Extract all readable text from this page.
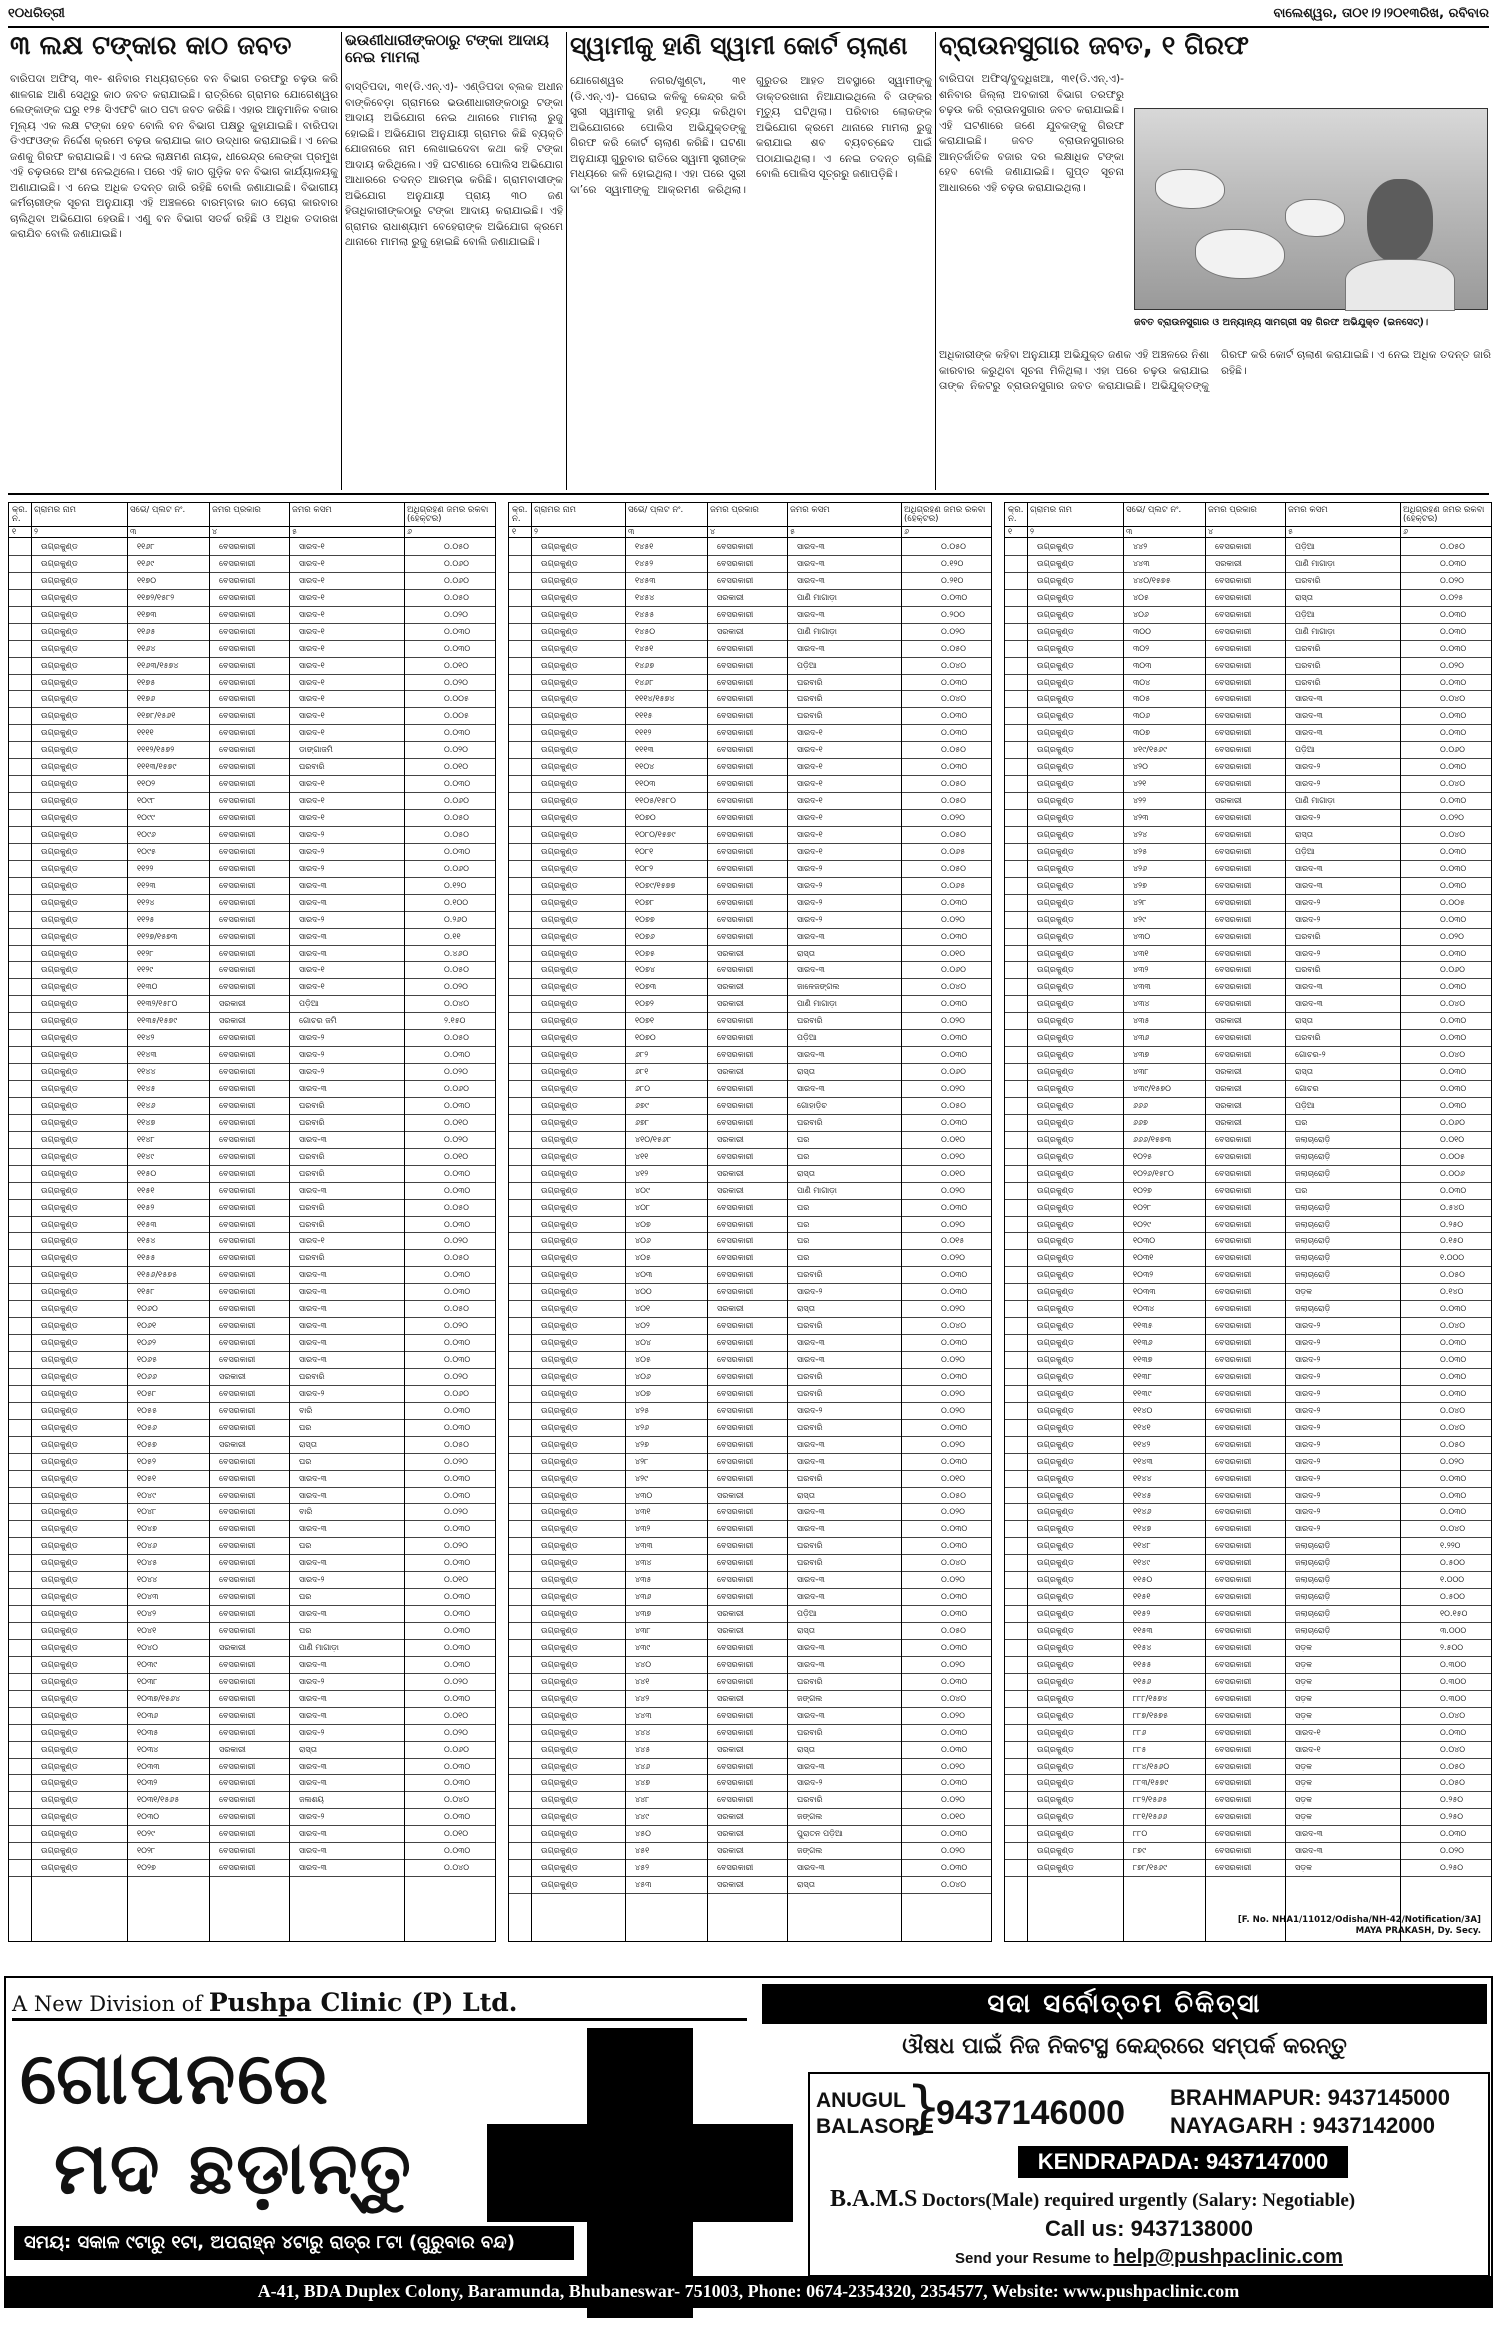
୧୦ଧରିତ୍ରୀ	ବାଲେଶ୍ୱର, ତା୦୧।୨।୨୦୧୩ରିଖ, ରବିବାର
୩ ଲକ୍ଷ ଟଙ୍କାର କାଠ ଜବତ
ବାରିପଦା ଅଫିସ୍, ୩୧- ଶନିବାର ମଧ୍ୟରାତ୍ରେ ବନ ବିଭାଗ ତରଫରୁ ଚଢ଼ଉ କରି ଶାଳଗଛ ଆଣି ସେଥିରୁ କାଠ ଜବତ କରାଯାଇଛି। ରାତ୍ରିରେ ଗ୍ରାମର ଯୋଗେଶ୍ୱର ଲେଙ୍କାଙ୍କ ଘରୁ ୧୨୫ ସିଏଫଟି କାଠ ପଟା ଜବତ କରିଛି। ଏହାର ଆନୁମାନିକ ବଜାର ମୂଲ୍ୟ ଏକ ଲକ୍ଷ ଟଙ୍କା ହେବ ବୋଲି ବନ ବିଭାଗ ପକ୍ଷରୁ କୁହାଯାଇଛି। ବାରିପଦା ଡିଏଫଓଙ୍କ ନିର୍ଦ୍ଦେଶ କ୍ରମେ ଚଢ଼ଉ କରାଯାଇ କାଠ ଉଦ୍ଧାର କରାଯାଇଛି। ଏ ନେଇ ଜଣକୁ ଗିରଫ କରାଯାଇଛି। ଏ ନେଇ ଲାକ୍ଷମଣ ନାୟକ, ଧୀରେନ୍ଦ୍ର ଲେଙ୍କା ପ୍ରମୁଖ ଏହି ଚଢ଼ଉରେ ଅଂଶ ନେଇଥିଲେ। ପରେ ଏହି କାଠ ଗୁଡ଼ିକ ବନ ବିଭାଗ କାର୍ଯ୍ୟାଳୟକୁ ଅଣାଯାଇଛି। ଏ ନେଇ ଅଧିକ ତଦନ୍ତ ଜାରି ରହିଛି ବୋଲି ଜଣାଯାଇଛି। ବିଭାଗୀୟ କର୍ମଚାରୀଙ୍କ ସୂଚନା ଅନୁଯାୟୀ ଏହି ଅଞ୍ଚଳରେ ବାରମ୍ବାର କାଠ ଚୋରା କାରବାର ଚାଲିଥିବା ଅଭିଯୋଗ ହେଉଛି। ଏଣୁ ବନ ବିଭାଗ ସତର୍କ ରହିଛି ଓ ଅଧିକ ତଦାରଖ କରାଯିବ ବୋଲି ଜଣାଯାଇଛି।
ଭଉଣୀଧାରୀଙ୍କଠାରୁ ଟଙ୍କା ଆଦାୟ ନେଇ ମାମଲା
ବାସ୍ତିପଦା, ୩୧(ଡି.ଏନ୍.ଏ)- ଏଣ୍ଡିପଦା ବ୍ଲକ ଅଧୀନ ବାଙ୍କିବେଡ଼ା ଗ୍ରାମରେ ଭଉଣୀଧାରୀଙ୍କଠାରୁ ଟଙ୍କା ଆଦାୟ ଅଭିଯୋଗ ନେଇ ଥାନାରେ ମାମଲା ରୁଜୁ ହୋଇଛି। ଅଭିଯୋଗ ଅନୁଯାୟୀ ଗ୍ରାମର କିଛି ବ୍ୟକ୍ତି ଯୋଜନାରେ ନାମ ଲେଖାଇଦେବା କଥା କହି ଟଙ୍କା ଆଦାୟ କରିଥିଲେ। ଏହି ଘଟଣାରେ ପୋଲିସ ଅଭିଯୋଗ ଆଧାରରେ ତଦନ୍ତ ଆରମ୍ଭ କରିଛି। ଗ୍ରାମବାସୀଙ୍କ ଅଭିଯୋଗ ଅନୁଯାୟୀ ପ୍ରାୟ ୩୦ ଜଣ ହିତାଧିକାରୀଙ୍କଠାରୁ ଟଙ୍କା ଆଦାୟ କରାଯାଇଛି। ଏହି ଗ୍ରାମର ରାଧାଶ୍ୟାମ ବେହେରାଙ୍କ ଅଭିଯୋଗ କ୍ରମେ ଥାନାରେ ମାମଲା ରୁଜୁ ହୋଇଛି ବୋଲି ଜଣାଯାଇଛି।
ସ୍ୱାମୀକୁ ହାଣି ସ୍ୱାମୀ କୋର୍ଟ ଚାଲାଣ
ଯୋଗେଶ୍ୱର ନଗର/ଖୁଣ୍ଟା, ୩୧ (ଡି.ଏନ୍.ଏ)- ଘରୋଇ କଳିକୁ କେନ୍ଦ୍ର କରି ସ୍ତ୍ରୀ ସ୍ୱାମୀକୁ ହାଣି ହତ୍ୟା କରିଥିବା ଅଭିଯୋଗରେ ପୋଲିସ ଅଭିଯୁକ୍ତଙ୍କୁ ଗିରଫ କରି କୋର୍ଟ ଚାଲାଣ କରିଛି। ଘଟଣା ଅନୁଯାୟୀ ଗୁରୁବାର ରାତିରେ ସ୍ୱାମୀ ସ୍ତ୍ରୀଙ୍କ ମଧ୍ୟରେ କଳି ହୋଇଥିଲା। ଏହା ପରେ ସ୍ତ୍ରୀ ଦା’ରେ ସ୍ୱାମୀଙ୍କୁ ଆକ୍ରମଣ କରିଥିଲା। ଗୁରୁତର ଆହତ ଅବସ୍ଥାରେ ସ୍ୱାମୀଙ୍କୁ ଡାକ୍ତରଖାନା ନିଆଯାଇଥିଲେ ବି ତାଙ୍କର ମୃତ୍ୟୁ ଘଟିଥିଲା। ପରିବାର ଲୋକଙ୍କ ଅଭିଯୋଗ କ୍ରମେ ଥାନାରେ ମାମଲା ରୁଜୁ କରାଯାଇ ଶବ ବ୍ୟବଚ୍ଛେଦ ପାଇଁ ପଠାଯାଇଥିଲା। ଏ ନେଇ ତଦନ୍ତ ଚାଲିଛି ବୋଲି ପୋଲିସ ସୂତ୍ରରୁ ଜଣାପଡ଼ିଛି।
ବ୍ରାଉନସୁଗାର ଜବତ, ୧ ଗିରଫ
ବାରିପଦା ଅଫିସ୍/ବୁଦ୍ଧିଖଆ, ୩୧(ଡି.ଏନ୍.ଏ)- ଶନିବାର ଜିଲ୍ଲା ଅବକାରୀ ବିଭାଗ ତରଫରୁ ଚଢ଼ଉ କରି ବ୍ରାଉନସୁଗାର ଜବତ କରାଯାଇଛି। ଏହି ଘଟଣାରେ ଜଣେ ଯୁବକଙ୍କୁ ଗିରଫ କରାଯାଇଛି। ଜବତ ବ୍ରାଉନସୁଗାରର ଆନ୍ତର୍ଜାତିକ ବଜାର ଦର ଲକ୍ଷାଧିକ ଟଙ୍କା ହେବ ବୋଲି ଜଣାଯାଇଛି। ଗୁପ୍ତ ସୂଚନା ଆଧାରରେ ଏହି ଚଢ଼ଉ କରାଯାଇଥିଲା।
ଜବତ ବ୍ରାଉନସୁଗାର ଓ ଅନ୍ୟାନ୍ୟ ସାମଗ୍ରୀ ସହ ଗିରଫ ଅଭିଯୁକ୍ତ (ଇନସେଟ୍)।
ଅଧିକାରୀଙ୍କ କହିବା ଅନୁଯାୟୀ ଅଭିଯୁକ୍ତ ଜଣକ ଏହି ଅଞ୍ଚଳରେ ନିଶା କାରବାର କରୁଥିବା ସୂଚନା ମିଳିଥିଲା। ଏହା ପରେ ଚଢ଼ଉ କରାଯାଇ ତାଙ୍କ ନିକଟରୁ ବ୍ରାଉନସୁଗାର ଜବତ କରାଯାଇଛି। ଅଭିଯୁକ୍ତଙ୍କୁ ଗିରଫ କରି କୋର୍ଟ ଚାଲାଣ କରାଯାଇଛି। ଏ ନେଇ ଅଧିକ ତଦନ୍ତ ଜାରି ରହିଛି।
କ୍ର. ନ.
ଗ୍ରାମର ନାମ	ସର୍ଭେ/ ପ୍ଲଟ ନଂ.	ଜମିର ପ୍ରକାର	ଜମିର କିସମ	ଅଧିଗ୍ରହଣ ଜମିର ରକବା (ହେକ୍ଟର)
୧ ୨	୩	୪	୫	୬
ଉଗ୍ରକୁଣ୍ଡ	୧୧୬୮	ବେସରକାରୀ	ସାରଦ-୧	୦.୦୫୦
ଉଗ୍ରକୁଣ୍ଡ	୧୧୬୯	ବେସରକାରୀ	ସାରଦ-୧	୦.୦୬୦
ଉଗ୍ରକୁଣ୍ଡ	୧୧୭୦	ବେସରକାରୀ	ସାରଦ-୧	୦.୦୬୦
ଉଗ୍ରକୁଣ୍ଡ	୧୧୭୨/୧୫୮୨	ବେସରକାରୀ	ସାରଦ-୧	୦.୦୫୦
ଉଗ୍ରକୁଣ୍ଡ	୧୧୭୩	ବେସରକାରୀ	ସାରଦ-୧	୦.୦୨୦
ଉଗ୍ରକୁଣ୍ଡ	୧୧୬୫	ବେସରକାରୀ	ସାରଦ-୧	୦.୦୩୦
ଉଗ୍ରକୁଣ୍ଡ	୧୧୬୪	ବେସରକାରୀ	ସାରଦ-୧	୦.୦୩୦
ଉଗ୍ରକୁଣ୍ଡ	୧୧୬୩/୧୫୭୪	ବେସରକାରୀ	ସାରଦ-୧	୦.୦୧୦
ଉଗ୍ରକୁଣ୍ଡ	୧୧୭୫	ବେସରକାରୀ	ସାରଦ-୧	୦.୦୨୦
ଉଗ୍ରକୁଣ୍ଡ	୧୧୭୬	ବେସରକାରୀ	ସାରଦ-୧	୦.୦୦୫
ଉଗ୍ରକୁଣ୍ଡ	୧୧୭୮/୧୫୬୧	ବେସରକାରୀ	ସାରଦ-୧	୦.୦୦୫
ଉଗ୍ରକୁଣ୍ଡ	୧୧୧୧	ବେସରକାରୀ	ସାରଦ-୧	୦.୦୩୦
ଉଗ୍ରକୁଣ୍ଡ	୧୧୧୨/୧୫୭୨	ବେସରକାରୀ	ଡାଙ୍ଗାଜମି	୦.୦୨୦
ଉଗ୍ରକୁଣ୍ଡ	୧୧୧୩/୧୫୭୯	ବେସରକାରୀ	ଘରବାରି	୦.୦୧୦
ଉଗ୍ରକୁଣ୍ଡ	୧୧୦୨	ବେସରକାରୀ	ସାରଦ-୧	୦.୦୩୦
ଉଗ୍ରକୁଣ୍ଡ	୧୦୯୮	ବେସରକାରୀ	ସାରଦ-୧	୦.୦୬୦
ଉଗ୍ରକୁଣ୍ଡ	୧୦୯୯	ବେସରକାରୀ	ସାରଦ-୧	୦.୦୫୦
ଉଗ୍ରକୁଣ୍ଡ	୧୦୯୬	ବେସରକାରୀ	ସାରଦ-୨	୦.୦୫୦
ଉଗ୍ରକୁଣ୍ଡ	୧୦୯୫	ବେସରକାରୀ	ସାରଦ-୨	୦.୦୩୦
ଉଗ୍ରକୁଣ୍ଡ	୧୧୨୨	ବେସରକାରୀ	ସାରଦ-୨	୦.୦୬୦
ଉଗ୍ରକୁଣ୍ଡ	୧୧୨୩	ବେସରକାରୀ	ସାରଦ-୩	୦.୧୨୦
ଉଗ୍ରକୁଣ୍ଡ	୧୧୨୪	ବେସରକାରୀ	ସାରଦ-୩	୦.୧୦୦
ଉଗ୍ରକୁଣ୍ଡ	୧୧୨୫	ବେସରକାରୀ	ସାରଦ-୨	୦.୨୬୦
ଉଗ୍ରକୁଣ୍ଡ	୧୧୨୭/୧୫୭୩	ବେସରକାରୀ	ସାରଦ-୩	୦.୧୧
ଉଗ୍ରକୁଣ୍ଡ	୧୧୨୮	ବେସରକାରୀ	ସାରଦ-୩	୦.୪୬୦
ଉଗ୍ରକୁଣ୍ଡ	୧୧୨୯	ବେସରକାରୀ	ସାରଦ-୧	୦.୦୫୦
ଉଗ୍ରକୁଣ୍ଡ	୧୧୩୦	ବେସରକାରୀ	ସାରଦ-୧	୦.୦୨୦
ଉଗ୍ରକୁଣ୍ଡ	୧୧୩୨/୧୫୮୦	ସରକାରୀ	ପଡ଼ିଆ	୦.୦୪୦
ଉଗ୍ରକୁଣ୍ଡ	୧୧୩୫/୧୫୭୯	ସରକାରୀ	ଗୋଚର ଜମି	୨.୧୫୦
ଉଗ୍ରକୁଣ୍ଡ	୧୧୪୨	ବେସରକାରୀ	ସାରଦ-୨	୦.୦୫୦
ଉଗ୍ରକୁଣ୍ଡ	୧୧୪୩	ବେସରକାରୀ	ସାରଦ-୨	୦.୦୩୦
ଉଗ୍ରକୁଣ୍ଡ	୧୧୪୪	ବେସରକାରୀ	ସାରଦ-୨	୦.୦୨୦
ଉଗ୍ରକୁଣ୍ଡ	୧୧୪୫	ବେସରକାରୀ	ସାରଦ-୩	୦.୦୬୦
ଉଗ୍ରକୁଣ୍ଡ	୧୧୪୬	ବେସରକାରୀ	ଘରବାରି	୦.୦୩୦
ଉଗ୍ରକୁଣ୍ଡ	୧୧୪୭	ବେସରକାରୀ	ଘରବାରି	୦.୦୧୦
ଉଗ୍ରକୁଣ୍ଡ	୧୧୪୮	ବେସରକାରୀ	ସାରଦ-୩	୦.୦୨୦
ଉଗ୍ରକୁଣ୍ଡ	୧୧୪୯	ବେସରକାରୀ	ଘରବାରି	୦.୦୧୦
ଉଗ୍ରକୁଣ୍ଡ	୧୧୫୦	ବେସରକାରୀ	ଘରବାରି	୦.୦୩୦
ଉଗ୍ରକୁଣ୍ଡ	୧୧୫୧	ବେସରକାରୀ	ସାରଦ-୩	୦.୦୩୦
ଉଗ୍ରକୁଣ୍ଡ	୧୧୫୨	ବେସରକାରୀ	ଘରବାରି	୦.୦୫୦
ଉଗ୍ରକୁଣ୍ଡ	୧୧୫୩	ବେସରକାରୀ	ଘରବାରି	୦.୦୩୦
ଉଗ୍ରକୁଣ୍ଡ	୧୧୫୪	ବେସରକାରୀ	ସାରଦ-୧	୦.୦୨୦
ଉଗ୍ରକୁଣ୍ଡ	୧୧୫୫	ବେସରକାରୀ	ଘରବାରି	୦.୦୫୦
ଉଗ୍ରକୁଣ୍ଡ	୧୧୫୬/୧୫୭୫	ବେସରକାରୀ	ସାରଦ-୩	୦.୦୩୦
ଉଗ୍ରକୁଣ୍ଡ	୧୧୫୮	ବେସରକାରୀ	ସାରଦ-୩	୦.୦୩୦
ଉଗ୍ରକୁଣ୍ଡ	୧୦୬୦	ବେସରକାରୀ	ସାରଦ-୩	୦.୦୫୦
ଉଗ୍ରକୁଣ୍ଡ	୧୦୬୧	ବେସରକାରୀ	ସାରଦ-୩	୦.୦୨୦
ଉଗ୍ରକୁଣ୍ଡ	୧୦୬୨	ବେସରକାରୀ	ସାରଦ-୩	୦.୦୩୦
ଉଗ୍ରକୁଣ୍ଡ	୧୦୬୫	ବେସରକାରୀ	ସାରଦ-୩	୦.୦୩୦
ଉଗ୍ରକୁଣ୍ଡ	୧୦୬୬	ସରକାରୀ	ଘରବାରି	୦.୦୨୦
ଉଗ୍ରକୁଣ୍ଡ	୧୦୫୮	ବେସରକାରୀ	ସାରଦ-୨	୦.୦୬୦
ଉଗ୍ରକୁଣ୍ଡ	୧୦୫୫	ବେସରକାରୀ	ବାରି	୦.୦୩୦
ଉଗ୍ରକୁଣ୍ଡ	୧୦୫୬	ବେସରକାରୀ	ଘର	୦.୦୩୦
ଉଗ୍ରକୁଣ୍ଡ	୧୦୫୭	ସରକାରୀ	ରାସ୍ତା	୦.୦୫୦
ଉଗ୍ରକୁଣ୍ଡ	୧୦୫୨	ବେସରକାରୀ	ଘର	୦.୦୨୦
ଉଗ୍ରକୁଣ୍ଡ	୧୦୫୧	ବେସରକାରୀ	ସାରଦ-୩	୦.୦୩୦
ଉଗ୍ରକୁଣ୍ଡ	୧୦୪୯	ବେସରକାରୀ	ସାରଦ-୩	୦.୦୩୦
ଉଗ୍ରକୁଣ୍ଡ	୧୦୪୮	ବେସରକାରୀ	ବାରି	୦.୦୨୦
ଉଗ୍ରକୁଣ୍ଡ	୧୦୪୭	ବେସରକାରୀ	ସାରଦ-୩	୦.୦୩୦
ଉଗ୍ରକୁଣ୍ଡ	୧୦୪୬	ବେସରକାରୀ	ଘର	୦.୦୨୦
ଉଗ୍ରକୁଣ୍ଡ	୧୦୪୫	ବେସରକାରୀ	ସାରଦ-୩	୦.୦୩୦
ଉଗ୍ରକୁଣ୍ଡ	୧୦୪୪	ବେସରକାରୀ	ସାରଦ-୨	୦.୦୧୦
ଉଗ୍ରକୁଣ୍ଡ	୧୦୪୩	ବେସରକାରୀ	ଘର	୦.୦୩୦
ଉଗ୍ରକୁଣ୍ଡ	୧୦୪୨	ବେସରକାରୀ	ସାରଦ-୩	୦.୦୩୦
ଉଗ୍ରକୁଣ୍ଡ	୧୦୪୧	ବେସରକାରୀ	ଘର	୦.୦୩୦
ଉଗ୍ରକୁଣ୍ଡ	୧୦୪୦	ସରକାରୀ	ପାଣି ମାଗାଡ଼ା	୦.୦୩୦
ଉଗ୍ରକୁଣ୍ଡ	୧୦୩୯	ବେସରକାରୀ	ସାରଦ-୩	୦.୦୩୦
ଉଗ୍ରକୁଣ୍ଡ	୧୦୩୮	ବେସରକାରୀ	ସାରଦ-୨	୦.୦୨୦
ଉଗ୍ରକୁଣ୍ଡ	୧୦୩୭/୧୫୬୪	ବେସରକାରୀ	ସାରଦ-୩	୦.୦୩୦
ଉଗ୍ରକୁଣ୍ଡ	୧୦୩୬	ବେସରକାରୀ	ସାରଦ-୩	୦.୦୧୦
ଉଗ୍ରକୁଣ୍ଡ	୧୦୩୫	ବେସରକାରୀ	ସାରଦ-୨	୦.୦୨୦
ଉଗ୍ରକୁଣ୍ଡ	୧୦୩୪	ସରକାରୀ	ରାସ୍ତା	୦.୦୬୦
ଉଗ୍ରକୁଣ୍ଡ	୧୦୩୩	ବେସରକାରୀ	ସାରଦ-୩	୦.୦୩୦
ଉଗ୍ରକୁଣ୍ଡ	୧୦୩୨	ବେସରକାରୀ	ସାରଦ-୩	୦.୦୩୦
ଉଗ୍ରକୁଣ୍ଡ	୧୦୩୧/୧୫୬୫	ବେସରକାରୀ	ଜଳାଶୟ	୦.୦୪୦
ଉଗ୍ରକୁଣ୍ଡ	୧୦୩୦	ବେସରକାରୀ	ସାରଦ-୨	୦.୦୩୦
ଉଗ୍ରକୁଣ୍ଡ	୧୦୨୯	ବେସରକାରୀ	ସାରଦ-୩	୦.୦୧୦
ଉଗ୍ରକୁଣ୍ଡ	୧୦୨୮	ବେସରକାରୀ	ସାରଦ-୩	୦.୦୩୦
ଉଗ୍ରକୁଣ୍ଡ	୧୦୨୭	ବେସରକାରୀ	ସାରଦ-୩	୦.୦୪୦
କ୍ର. ନ.
ଗ୍ରାମର ନାମ	ସର୍ଭେ/ ପ୍ଲଟ ନଂ.	ଜମିର ପ୍ରକାର	ଜମିର କିସମ	ଅଧିଗ୍ରହଣ ଜମିର ରକବା (ହେକ୍ଟର)
୧ ୨	୩	୪	୫	୬
ଉଗ୍ରକୁଣ୍ଡ	୧୪୫୧	ବେସରକାରୀ	ସାରଦ-୩	୦.୦୫୦
ଉଗ୍ରକୁଣ୍ଡ	୧୪୫୨	ବେସରକାରୀ	ସାରଦ-୩	୦.୧୨୦
ଉଗ୍ରକୁଣ୍ଡ	୧୪୫୩	ବେସରକାରୀ	ସାରଦ-୩	୦.୨୧୦
ଉଗ୍ରକୁଣ୍ଡ	୧୪୫୪	ସରକାରୀ	ପାଣି ମାଗାଡ଼ା	୦.୦୩୦
ଉଗ୍ରକୁଣ୍ଡ	୧୪୫୫	ବେସରକାରୀ	ସାରଦ-୩	୦.୨୦୦
ଉଗ୍ରକୁଣ୍ଡ	୧୪୫୦	ସରକାରୀ	ପାଣି ମାଗାଡ଼ା	୦.୦୨୦
ଉଗ୍ରକୁଣ୍ଡ	୧୪୫୧	ବେସରକାରୀ	ସାରଦ-୩	୦.୦୫୦
ଉଗ୍ରକୁଣ୍ଡ	୧୪୬୭	ବେସରକାରୀ	ପଡ଼ିଆ	୦.୦୪୦
ଉଗ୍ରକୁଣ୍ଡ	୧୪୬୮	ବେସରକାରୀ	ଘରବାରି	୦.୦୩୦
ଉଗ୍ରକୁଣ୍ଡ	୧୧୧୪/୧୫୭୪	ବେସରକାରୀ	ଘରବାରି	୦.୦୪୦
ଉଗ୍ରକୁଣ୍ଡ	୧୧୧୫	ବେସରକାରୀ	ଘରବାରି	୦.୦୩୦
ଉଗ୍ରକୁଣ୍ଡ	୧୧୧୨	ବେସରକାରୀ	ସାରଦ-୧	୦.୦୩୦
ଉଗ୍ରକୁଣ୍ଡ	୧୧୧୩	ବେସରକାରୀ	ସାରଦ-୧	୦.୦୫୦
ଉଗ୍ରକୁଣ୍ଡ	୧୧୦୪	ବେସରକାରୀ	ସାରଦ-୧	୦.୦୩୦
ଉଗ୍ରକୁଣ୍ଡ	୧୧୦୩	ବେସରକାରୀ	ସାରଦ-୧	୦.୦୫୦
ଉଗ୍ରକୁଣ୍ଡ	୧୧୦୫/୧୫୮୦	ବେସରକାରୀ	ସାରଦ-୧	୦.୦୫୦
ଉଗ୍ରକୁଣ୍ଡ	୧୦୭୦	ବେସରକାରୀ	ସାରଦ-୧	୦.୦୨୦
ଉଗ୍ରକୁଣ୍ଡ	୧୦୮୦/୧୫୭୯	ବେସରକାରୀ	ସାରଦ-୧	୦.୦୫୦
ଉଗ୍ରକୁଣ୍ଡ	୧୦୮୧	ବେସରକାରୀ	ସାରଦ-୧	୦.୦୬୫
ଉଗ୍ରକୁଣ୍ଡ	୧୦୮୨	ବେସରକାରୀ	ସାରଦ-୨	୦.୦୫୦
ଉଗ୍ରକୁଣ୍ଡ	୧୦୭୯/୧୫୭୭	ବେସରକାରୀ	ସାରଦ-୨	୦.୦୬୫
ଉଗ୍ରକୁଣ୍ଡ	୧୦୭୮	ବେସରକାରୀ	ସାରଦ-୨	୦.୦୩୦
ଉଗ୍ରକୁଣ୍ଡ	୧୦୭୭	ବେସରକାରୀ	ସାରଦ-୨	୦.୦୨୦
ଉଗ୍ରକୁଣ୍ଡ	୧୦୭୬	ବେସରକାରୀ	ସାରଦ-୩	୦.୦୩୦
ଉଗ୍ରକୁଣ୍ଡ	୧୦୭୫	ସରକାରୀ	ରାସ୍ତା	୦.୦୧୦
ଉଗ୍ରକୁଣ୍ଡ	୧୦୭୪	ବେସରକାରୀ	ସାରଦ-୩	୦.୦୬୦
ଉଗ୍ରକୁଣ୍ଡ	୧୦୭୩	ସରକାରୀ	ଜାଳେଜଙ୍ଗଲ	୦.୦୪୦
ଉଗ୍ରକୁଣ୍ଡ	୧୦୭୨	ସରକାରୀ	ପାଣି ମାଗାଡ଼ା	୦.୦୩୦
ଉଗ୍ରକୁଣ୍ଡ	୧୦୭୧	ବେସରକାରୀ	ଘରବାରି	୦.୦୨୦
ଉଗ୍ରକୁଣ୍ଡ	୧୦୭୦	ବେସରକାରୀ	ପଡ଼ିଆ	୦.୦୩୦
ଉଗ୍ରକୁଣ୍ଡ	୬୮୨	ବେସରକାରୀ	ସାରଦ-୩	୦.୦୩୦
ଉଗ୍ରକୁଣ୍ଡ	୬୮୧	ସରକାରୀ	ରାସ୍ତା	୦.୦୬୦
ଉଗ୍ରକୁଣ୍ଡ	୬୮୦	ବେସରକାରୀ	ସାରଦ-୩	୦.୦୨୦
ଉଗ୍ରକୁଣ୍ଡ	୬୭୯	ବେସରକାରୀ	ଗୋହାଡ଼ିଚ	୦.୦୫୦
ଉଗ୍ରକୁଣ୍ଡ	୬୭୮	ବେସରକାରୀ	ଘରବାରି	୦.୦୩୦
ଉଗ୍ରକୁଣ୍ଡ	୪୧୦/୧୫୬୮	ସରକାରୀ	ଘର	୦.୦୧୦
ଉଗ୍ରକୁଣ୍ଡ	୪୧୧	ବେସରକାରୀ	ଘର	୦.୦୨୦
ଉଗ୍ରକୁଣ୍ଡ	୪୧୨	ସରକାରୀ	ରାସ୍ତା	୦.୦୧୦
ଉଗ୍ରକୁଣ୍ଡ	୪୦୯	ସରକାରୀ	ପାଣି ମାଗାଡ଼ା	୦.୦୨୦
ଉଗ୍ରକୁଣ୍ଡ	୪୦୮	ବେସରକାରୀ	ଘର	୦.୦୩୦
ଉଗ୍ରକୁଣ୍ଡ	୪୦୭	ବେସରକାରୀ	ଘର	୦.୦୨୦
ଉଗ୍ରକୁଣ୍ଡ	୪୦୬	ବେସରକାରୀ	ଘର	୦.୦୧୫
ଉଗ୍ରକୁଣ୍ଡ	୪୦୫	ବେସରକାରୀ	ଘର	୦.୦୨୦
ଉଗ୍ରକୁଣ୍ଡ	୪୦୩	ବେସରକାରୀ	ଘରବାରି	୦.୦୩୦
ଉଗ୍ରକୁଣ୍ଡ	୪୦୦	ବେସରକାରୀ	ସାରଦ-୨	୦.୦୩୦
ଉଗ୍ରକୁଣ୍ଡ	୪୦୧	ସରକାରୀ	ରାସ୍ତା	୦.୦୨୦
ଉଗ୍ରକୁଣ୍ଡ	୪୦୨	ବେସରକାରୀ	ଘରବାରି	୦.୦୪୦
ଉଗ୍ରକୁଣ୍ଡ	୪୦୪	ବେସରକାରୀ	ସାରଦ-୩	୦.୦୩୦
ଉଗ୍ରକୁଣ୍ଡ	୪୦୫	ବେସରକାରୀ	ସାରଦ-୩	୦.୦୨୦
ଉଗ୍ରକୁଣ୍ଡ	୪୦୬	ବେସରକାରୀ	ଘରବାରି	୦.୦୩୦
ଉଗ୍ରକୁଣ୍ଡ	୪୦୭	ବେସରକାରୀ	ଘରବାରି	୦.୦୨୦
ଉଗ୍ରକୁଣ୍ଡ	୪୨୫	ବେସରକାରୀ	ସାରଦ-୨	୦.୦୨୦
ଉଗ୍ରକୁଣ୍ଡ	୪୨୬	ବେସରକାରୀ	ଘରବାରି	୦.୦୩୦
ଉଗ୍ରକୁଣ୍ଡ	୪୨୭	ବେସରକାରୀ	ସାରଦ-୩	୦.୦୨୦
ଉଗ୍ରକୁଣ୍ଡ	୪୨୮	ବେସରକାରୀ	ସାରଦ-୩	୦.୦୩୦
ଉଗ୍ରକୁଣ୍ଡ	୪୨୯	ବେସରକାରୀ	ଘରବାରି	୦.୦୧୦
ଉଗ୍ରକୁଣ୍ଡ	୪୩୦	ସରକାରୀ	ରାସ୍ତା	୦.୦୫୦
ଉଗ୍ରକୁଣ୍ଡ	୪୩୧	ବେସରକାରୀ	ସାରଦ-୩	୦.୦୨୦
ଉଗ୍ରକୁଣ୍ଡ	୪୩୨	ବେସରକାରୀ	ସାରଦ-୩	୦.୦୩୦
ଉଗ୍ରକୁଣ୍ଡ	୪୩୩	ବେସରକାରୀ	ଘରବାରି	୦.୦୩୦
ଉଗ୍ରକୁଣ୍ଡ	୪୩୪	ବେସରକାରୀ	ଘରବାରି	୦.୦୪୦
ଉଗ୍ରକୁଣ୍ଡ	୪୩୫	ବେସରକାରୀ	ସାରଦ-୩	୦.୦୨୦
ଉଗ୍ରକୁଣ୍ଡ	୪୩୬	ବେସରକାରୀ	ସାରଦ-୩	୦.୦୩୦
ଉଗ୍ରକୁଣ୍ଡ	୪୩୭	ସରକାରୀ	ପଡ଼ିଆ	୦.୦୩୦
ଉଗ୍ରକୁଣ୍ଡ	୪୩୮	ସରକାରୀ	ରାସ୍ତା	୦.୦୫୦
ଉଗ୍ରକୁଣ୍ଡ	୪୩୯	ବେସରକାରୀ	ସାରଦ-୩	୦.୦୩୦
ଉଗ୍ରକୁଣ୍ଡ	୪୪୦	ବେସରକାରୀ	ସାରଦ-୩	୦.୦୨୦
ଉଗ୍ରକୁଣ୍ଡ	୪୪୧	ବେସରକାରୀ	ଘରବାରି	୦.୦୩୦
ଉଗ୍ରକୁଣ୍ଡ	୪୪୨	ସରକାରୀ	ଜଙ୍ଗଲ	୦.୦୪୦
ଉଗ୍ରକୁଣ୍ଡ	୪୪୩	ବେସରକାରୀ	ସାରଦ-୩	୦.୦୨୦
ଉଗ୍ରକୁଣ୍ଡ	୪୪୪	ବେସରକାରୀ	ଘରବାରି	୦.୦୩୦
ଉଗ୍ରକୁଣ୍ଡ	୪୪୫	ସରକାରୀ	ରାସ୍ତା	୦.୦୩୦
ଉଗ୍ରକୁଣ୍ଡ	୪୪୬	ବେସରକାରୀ	ସାରଦ-୩	୦.୦୨୦
ଉଗ୍ରକୁଣ୍ଡ	୪୪୭	ବେସରକାରୀ	ସାରଦ-୨	୦.୦୩୦
ଉଗ୍ରକୁଣ୍ଡ	୪୪୮	ବେସରକାରୀ	ଘରବାରି	୦.୦୨୦
ଉଗ୍ରକୁଣ୍ଡ	୪୪୯	ସରକାରୀ	ଜଙ୍ଗଲ	୦.୦୧୦
ଉଗ୍ରକୁଣ୍ଡ	୪୫୦	ସରକାରୀ	ପୁରାତନ ପଡ଼ିଆ	୦.୦୩୦
ଉଗ୍ରକୁଣ୍ଡ	୪୫୧	ସରକାରୀ	ଜଙ୍ଗଲ	୦.୦୨୦
ଉଗ୍ରକୁଣ୍ଡ	୪୫୨	ବେସରକାରୀ	ସାରଦ-୩	୦.୦୩୦
ଉଗ୍ରକୁଣ୍ଡ	୪୫୩	ସରକାରୀ	ରାସ୍ତା	୦.୦୪୦
କ୍ର. ନ.
ଗ୍ରାମର ନାମ	ସର୍ଭେ/ ପ୍ଲଟ ନଂ.	ଜମିର ପ୍ରକାର	ଜମିର କିସମ	ଅଧିଗ୍ରହଣ ଜମିର ରକବା (ହେକ୍ଟର)
୧ ୨	୩	୪	୫	୬
ଉଗ୍ରକୁଣ୍ଡ	୪୪୨	ବେସରକାରୀ	ପଡ଼ିଆ	୦.୦୫୦
ଉଗ୍ରକୁଣ୍ଡ	୪୪୩	ସରକାରୀ	ପାଣି ମାଗାଡ଼ା	୦.୦୩୦
ଉଗ୍ରକୁଣ୍ଡ	୪୪୦/୧୫୭୫	ବେସରକାରୀ	ଘରବାରି	୦.୦୨୦
ଉଗ୍ରକୁଣ୍ଡ	୪୦୫	ବେସରକାରୀ	ରାସ୍ତା	୦.୦୨୫
ଉଗ୍ରକୁଣ୍ଡ	୪୦୬	ବେସରକାରୀ	ପଡ଼ିଆ	୦.୦୩୦
ଉଗ୍ରକୁଣ୍ଡ	୩୦୦	ବେସରକାରୀ	ପାଣି ମାଗାଡ଼ା	୦.୦୩୦
ଉଗ୍ରକୁଣ୍ଡ	୩୦୨	ବେସରକାରୀ	ଘରବାରି	୦.୦୩୦
ଉଗ୍ରକୁଣ୍ଡ	୩୦୩	ବେସରକାରୀ	ଘରବାରି	୦.୦୨୦
ଉଗ୍ରକୁଣ୍ଡ	୩୦୪	ବେସରକାରୀ	ଘରବାରି	୦.୦୩୦
ଉଗ୍ରକୁଣ୍ଡ	୩୦୫	ବେସରକାରୀ	ସାରଦ-୩	୦.୦୪୦
ଉଗ୍ରକୁଣ୍ଡ	୩୦୬	ବେସରକାରୀ	ସାରଦ-୩	୦.୦୩୦
ଉଗ୍ରକୁଣ୍ଡ	୩୦୭	ବେସରକାରୀ	ସାରଦ-୩	୦.୦୩୦
ଉଗ୍ରକୁଣ୍ଡ	୪୧୯/୧୫୬୯	ବେସରକାରୀ	ପଡ଼ିଆ	୦.୦୬୦
ଉଗ୍ରକୁଣ୍ଡ	୪୨୦	ବେସରକାରୀ	ସାରଦ-୨	୦.୦୩୦
ଉଗ୍ରକୁଣ୍ଡ	୪୨୧	ବେସରକାରୀ	ସାରଦ-୨	୦.୦୪୦
ଉଗ୍ରକୁଣ୍ଡ	୪୨୨	ସରକାରୀ	ପାଣି ମାଗାଡ଼ା	୦.୦୩୦
ଉଗ୍ରକୁଣ୍ଡ	୪୨୩	ବେସରକାରୀ	ସାରଦ-୨	୦.୦୨୦
ଉଗ୍ରକୁଣ୍ଡ	୪୨୪	ବେସରକାରୀ	ରାସ୍ତା	୦.୦୪୦
ଉଗ୍ରକୁଣ୍ଡ	୪୨୫	ବେସରକାରୀ	ପଡ଼ିଆ	୦.୦୩୦
ଉଗ୍ରକୁଣ୍ଡ	୪୨୬	ବେସରକାରୀ	ସାରଦ-୩	୦.୦୩୦
ଉଗ୍ରକୁଣ୍ଡ	୪୨୭	ବେସରକାରୀ	ସାରଦ-୩	୦.୦୩୦
ଉଗ୍ରକୁଣ୍ଡ	୪୨୮	ବେସରକାରୀ	ସାରଦ-୨	୦.୦୦୫
ଉଗ୍ରକୁଣ୍ଡ	୪୨୯	ବେସରକାରୀ	ସାରଦ-୨	୦.୦୩୦
ଉଗ୍ରକୁଣ୍ଡ	୪୩୦	ବେସରକାରୀ	ଘରବାରି	୦.୦୨୦
ଉଗ୍ରକୁଣ୍ଡ	୪୩୧	ବେସରକାରୀ	ସାରଦ-୨	୦.୦୩୦
ଉଗ୍ରକୁଣ୍ଡ	୪୩୨	ବେସରକାରୀ	ଘରବାରି	୦.୦୬୦
ଉଗ୍ରକୁଣ୍ଡ	୪୩୩	ବେସରକାରୀ	ସାରଦ-୩	୦.୦୩୦
ଉଗ୍ରକୁଣ୍ଡ	୪୩୪	ବେସରକାରୀ	ସାରଦ-୩	୦.୦୪୦
ଉଗ୍ରକୁଣ୍ଡ	୪୩୫	ସରକାରୀ	ରାସ୍ତା	୦.୦୩୦
ଉଗ୍ରକୁଣ୍ଡ	୪୩୬	ବେସରକାରୀ	ଘରବାରି	୦.୦୩୦
ଉଗ୍ରକୁଣ୍ଡ	୪୩୭	ବେସରକାରୀ	ଗୋଚର-୨	୦.୦୪୦
ଉଗ୍ରକୁଣ୍ଡ	୪୩୮	ସରକାରୀ	ରାସ୍ତା	୦.୦୩୦
ଉଗ୍ରକୁଣ୍ଡ	୪୩୯/୧୫୭୦	ସରକାରୀ	ଗୋଚର	୦.୦୩୦
ଉଗ୍ରକୁଣ୍ଡ	୬୬୬	ସରକାରୀ	ପଡ଼ିଆ	୦.୦୩୦
ଉଗ୍ରକୁଣ୍ଡ	୬୬୭	ସରକାରୀ	ଘର	୦.୦୬୦
ଉଗ୍ରକୁଣ୍ଡ	୬୬୬/୧୫୭୩	ବେସରକାରୀ	ଜଲାଚାରୋଡ଼ି	୦.୦୧୦
ଉଗ୍ରକୁଣ୍ଡ	୧୦୨୫	ବେସରକାରୀ	ଜଲାଚାରୋଡ଼ି	୦.୦୦୫
ଉଗ୍ରକୁଣ୍ଡ	୧୦୨୬/୧୫୮୦	ବେସରକାରୀ	ଜଲାଚାରୋଡ଼ି	୦.୦୦୬
ଉଗ୍ରକୁଣ୍ଡ	୧୦୨୭	ବେସରକାରୀ	ଘର	୦.୦୩୦
ଉଗ୍ରକୁଣ୍ଡ	୧୦୨୮	ବେସରକାରୀ	ଜଲାଚାରୋଡ଼ି	୦.୫୪୦
ଉଗ୍ରକୁଣ୍ଡ	୧୦୨୯	ବେସରକାରୀ	ଜଲାଚାରୋଡ଼ି	୦.୨୫୦
ଉଗ୍ରକୁଣ୍ଡ	୧୦୩୦	ବେସରକାରୀ	ଜଲାଚାରୋଡ଼ି	୦.୧୫୦
ଉଗ୍ରକୁଣ୍ଡ	୧୦୩୧	ବେସରକାରୀ	ଜଲାଚାରୋଡ଼ି	୧.୦୦୦
ଉଗ୍ରକୁଣ୍ଡ	୧୦୩୨	ବେସରକାରୀ	ଜଲାଚାରୋଡ଼ି	୦.୦୫୦
ଉଗ୍ରକୁଣ୍ଡ	୧୦୩୩	ବେସରକାରୀ	ସଡ଼କ	୦.୧୪୦
ଉଗ୍ରକୁଣ୍ଡ	୧୦୩୪	ବେସରକାରୀ	ଜଲାଚାରୋଡ଼ି	୦.୦୩୦
ଉଗ୍ରକୁଣ୍ଡ	୧୧୩୫	ବେସରକାରୀ	ସାରଦ-୨	୦.୦୪୦
ଉଗ୍ରକୁଣ୍ଡ	୧୧୩୬	ବେସରକାରୀ	ସାରଦ-୨	୦.୦୩୦
ଉଗ୍ରକୁଣ୍ଡ	୧୧୩୭	ବେସରକାରୀ	ସାରଦ-୨	୦.୦୩୦
ଉଗ୍ରକୁଣ୍ଡ	୧୧୩୮	ବେସରକାରୀ	ସାରଦ-୨	୦.୦୩୦
ଉଗ୍ରକୁଣ୍ଡ	୧୧୩୯	ବେସରକାରୀ	ସାରଦ-୨	୦.୦୩୦
ଉଗ୍ରକୁଣ୍ଡ	୧୧୪୦	ବେସରକାରୀ	ସାରଦ-୨	୦.୦୪୦
ଉଗ୍ରକୁଣ୍ଡ	୧୧୪୧	ବେସରକାରୀ	ସାରଦ-୨	୦.୦୪୦
ଉଗ୍ରକୁଣ୍ଡ	୧୧୪୨	ବେସରକାରୀ	ସାରଦ-୨	୦.୦୫୦
ଉଗ୍ରକୁଣ୍ଡ	୧୧୪୩	ବେସରକାରୀ	ସାରଦ-୨	୦.୦୨୦
ଉଗ୍ରକୁଣ୍ଡ	୧୧୪୪	ବେସରକାରୀ	ସାରଦ-୨	୦.୦୩୦
ଉଗ୍ରକୁଣ୍ଡ	୧୧୪୫	ବେସରକାରୀ	ସାରଦ-୨	୦.୦୩୦
ଉଗ୍ରକୁଣ୍ଡ	୧୧୪୬	ବେସରକାରୀ	ସାରଦ-୨	୦.୦୩୦
ଉଗ୍ରକୁଣ୍ଡ	୧୧୪୭	ବେସରକାରୀ	ସାରଦ-୨	୦.୦୪୦
ଉଗ୍ରକୁଣ୍ଡ	୧୧୪୮	ବେସରକାରୀ	ଜଲାଚାରୋଡ଼ି	୧.୨୨୦
ଉଗ୍ରକୁଣ୍ଡ	୧୧୪୯	ବେସରକାରୀ	ଜଲାଚାରୋଡ଼ି	୦.୫୦୦
ଉଗ୍ରକୁଣ୍ଡ	୧୧୫୦	ବେସରକାରୀ	ଜଲାଚାରୋଡ଼ି	୧.୦୦୦
ଉଗ୍ରକୁଣ୍ଡ	୧୧୫୧	ବେସରକାରୀ	ଜଲାଚାରୋଡ଼ି	୦.୫୦୦
ଉଗ୍ରକୁଣ୍ଡ	୧୧୫୨	ବେସରକାରୀ	ଜଲାଚାରୋଡ଼ି	୧୦.୧୫୦
ଉଗ୍ରକୁଣ୍ଡ	୧୧୫୩	ବେସରକାରୀ	ଜଲାଚାରୋଡ଼ି	୩.୦୦୦
ଉଗ୍ରକୁଣ୍ଡ	୧୧୫୪	ବେସରକାରୀ	ସଡ଼କ	୨.୫୦୦
ଉଗ୍ରକୁଣ୍ଡ	୧୧୫୫	ବେସରକାରୀ	ସଡ଼କ	୦.୩୦୦
ଉଗ୍ରକୁଣ୍ଡ	୧୧୫୬	ବେସରକାରୀ	ସଡ଼କ	୦.୩୦୦
ଉଗ୍ରକୁଣ୍ଡ	୮୮୮/୧୫୭୪	ବେସରକାରୀ	ସଡ଼କ	୦.୩୦୦
ଉଗ୍ରକୁଣ୍ଡ	୮୮୭/୧୫୭୫	ବେସରକାରୀ	ସଡ଼କ	୦.୦୪୦
ଉଗ୍ରକୁଣ୍ଡ	୮୮୬	ବେସରକାରୀ	ସାରଦ-୧	୦.୦୩୦
ଉଗ୍ରକୁଣ୍ଡ	୮୮୫	ବେସରକାରୀ	ସାରଦ-୧	୦.୦୪୦
ଉଗ୍ରକୁଣ୍ଡ	୮୮୪/୧୫୬୦	ବେସରକାରୀ	ସଡ଼କ	୦.୦୫୦
ଉଗ୍ରକୁଣ୍ଡ	୮୮୩/୧୫୭୯	ବେସରକାରୀ	ସଡ଼କ	୦.୦୫୦
ଉଗ୍ରକୁଣ୍ଡ	୮୮୨/୧୫୬୫	ବେସରକାରୀ	ସଡ଼କ	୦.୨୫୦
ଉଗ୍ରକୁଣ୍ଡ	୮୮୧/୧୫୬୬	ବେସରକାରୀ	ସଡ଼କ	୦.୨୫୦
ଉଗ୍ରକୁଣ୍ଡ	୮୮୦	ବେସରକାରୀ	ସାରଦ-୩	୦.୦୩୦
ଉଗ୍ରକୁଣ୍ଡ	୮୭୯	ବେସରକାରୀ	ସାରଦ-୩	୦.୦୨୦
ଉଗ୍ରକୁଣ୍ଡ	୮୭୮/୧୫୬୯	ବେସରକାରୀ	ସଡ଼କ	୦.୨୫୦
[F. No. NHA1/11012/Odisha/NH-42/Notification/3A]
MAYA PRAKASH, Dy. Secy.
A New Division of Pushpa Clinic (P) Ltd.	ସଦା ସର୍ବୋତ୍ତମ ଚିକିତ୍ସା
ଔଷଧ ପାଇଁ ନିଜ ନିକଟସ୍ଥ କେନ୍ଦ୍ରରେ ସମ୍ପର୍କ କରନ୍ତୁ
ଗୋପନରେ
ମଦ ଛଡ଼ାନ୍ତୁ
ସମୟ: ସକାଳ ୯ଟାରୁ ୧ଟା, ଅପରାହ୍ନ ୪ଟାରୁ ରାତ୍ର ୮ଟା (ଗୁରୁବାର ବନ୍ଦ)
ANUGUL
BALASORE
}
9437146000 BRAHMAPUR: 9437145000
NAYAGARH : 9437142000
KENDRAPADA: 9437147000
B.A.M.S Doctors(Male) required urgently (Salary: Negotiable)
Call us: 9437138000
Send your Resume to help@pushpaclinic.com
A-41, BDA Duplex Colony, Baramunda, Bhubaneswar- 751003, Phone: 0674-2354320, 2354577, Website: www.pushpaclinic.com
